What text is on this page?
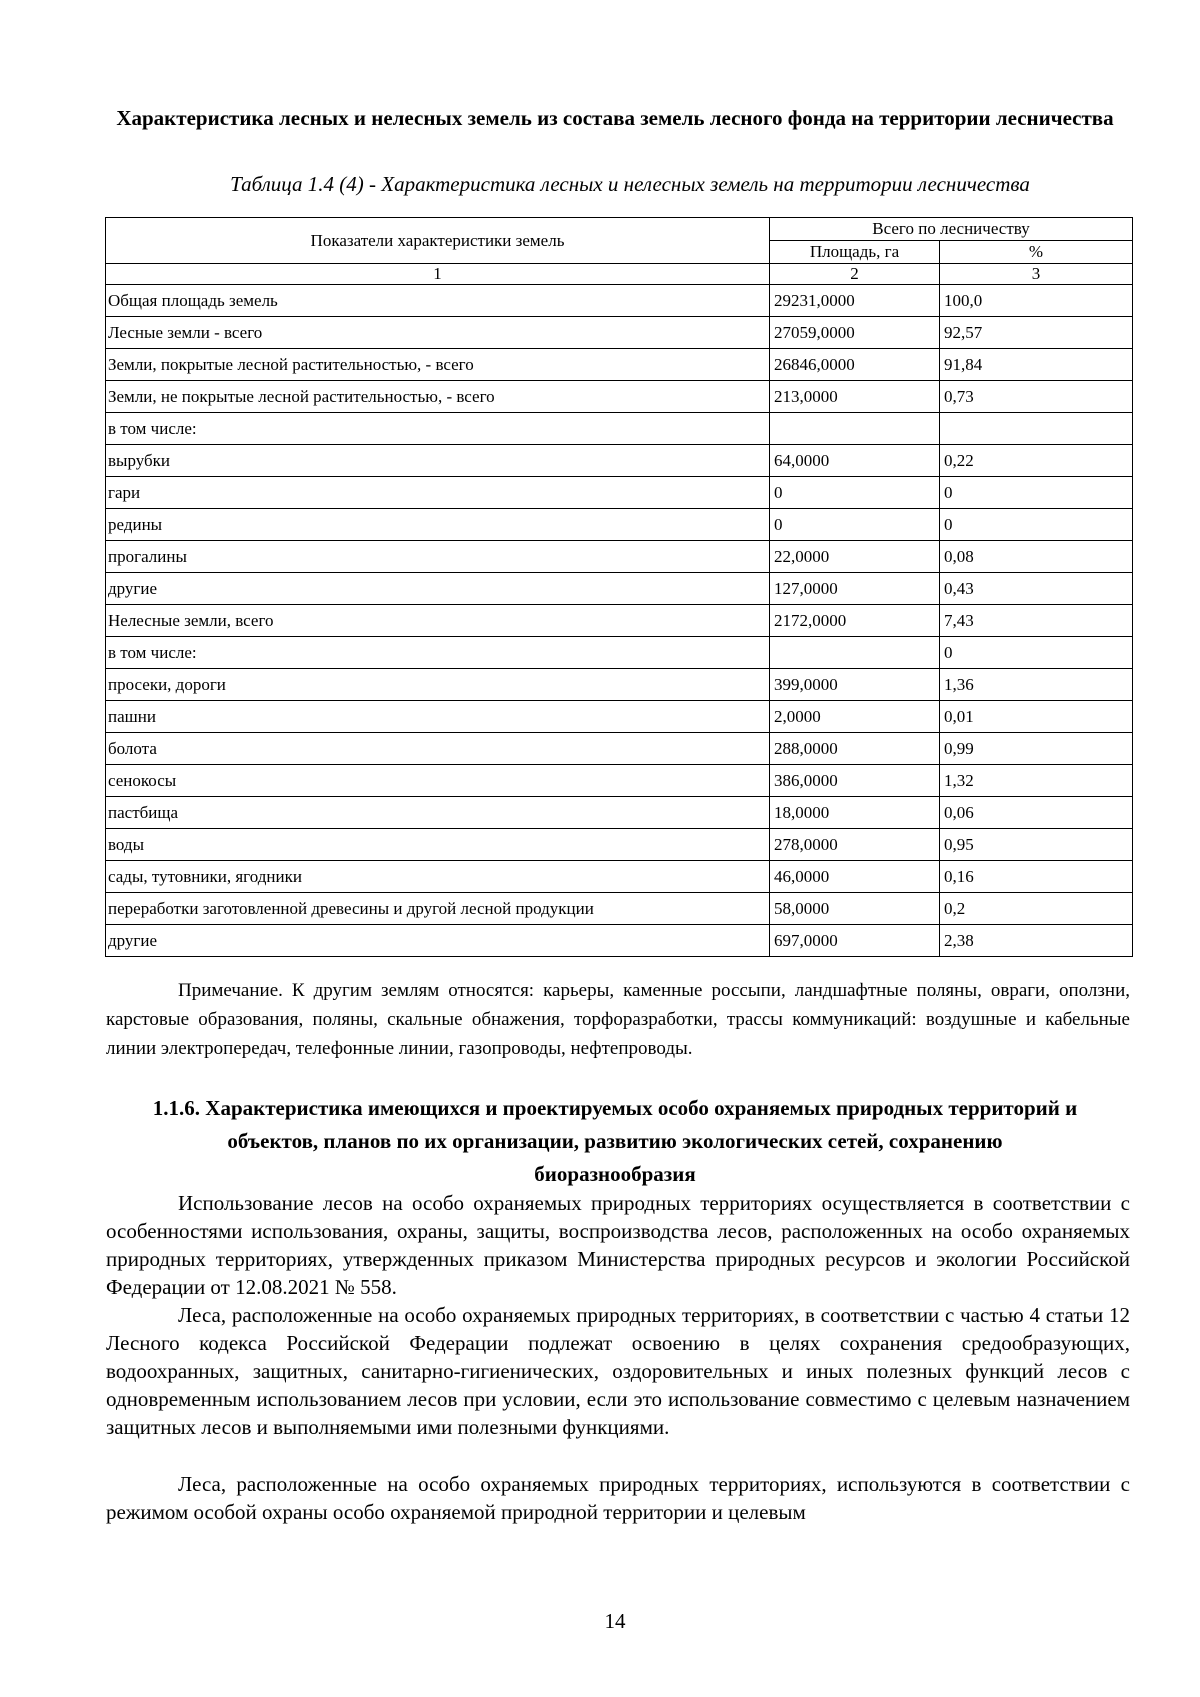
Характеристика лесных и нелесных земель из состава земель лесного фонда на территории лесничества
Таблица 1.4 (4) - Характеристика лесных и нелесных земель на территории лесничества
Показатели характеристики земель	Всего по лесничеству	
	Площадь, га	%
1	2	3
Общая площадь земель	29231,0000	100,0
Лесные земли - всего	27059,0000	92,57
Земли, покрытые лесной растительностью, - всего	26846,0000	91,84
Земли, не покрытые лесной растительностью, - всего	213,0000	0,73
в том числе:		
вырубки	64,0000	0,22
гари	0	0
редины	0	0
прогалины	22,0000	0,08
другие	127,0000	0,43
Нелесные земли, всего	2172,0000	7,43
в том числе:		0
просеки, дороги	399,0000	1,36
пашни	2,0000	0,01
болота	288,0000	0,99
сенокосы	386,0000	1,32
пастбища	18,0000	0,06
воды	278,0000	0,95
сады, тутовники, ягодники	46,0000	0,16
переработки заготовленной древесины и другой лесной продукции	58,0000	0,2
другие	697,0000	2,38
Примечание. К другим землям относятся: карьеры, каменные россыпи, ландшафтные поляны, овраги, оползни, карстовые образования, поляны, скальные обнажения, торфоразработки, трассы коммуникаций: воздушные и кабельные линии электропередач, телефонные линии, газопроводы, нефтепроводы.
1.1.6. Характеристика имеющихся и проектируемых особо охраняемых природных территорий и объектов, планов по их организации, развитию экологических сетей, сохранению биоразнообразия

Использование лесов на особо охраняемых природных территориях осуществляется в соответствии с особенностями использования, охраны, защиты, воспроизводства лесов, расположенных на особо охраняемых природных территориях, утвержденных приказом Министерства природных ресурсов и экологии Российской Федерации от 12.08.2021 № 558.

Леса, расположенные на особо охраняемых природных территориях, в соответствии с частью 4 статьи 12 Лесного кодекса Российской Федерации подлежат освоению в целях сохранения средообразующих, водоохранных, защитных, санитарно-гигиенических, оздоровительных и иных полезных функций лесов с одновременным использованием лесов при условии, если это использование совместимо с целевым назначением защитных лесов и выполняемыми ими полезными функциями.

Леса, расположенные на особо охраняемых природных территориях, используются в соответствии с режимом особой охраны особо охраняемой природной территории и целевым

14
